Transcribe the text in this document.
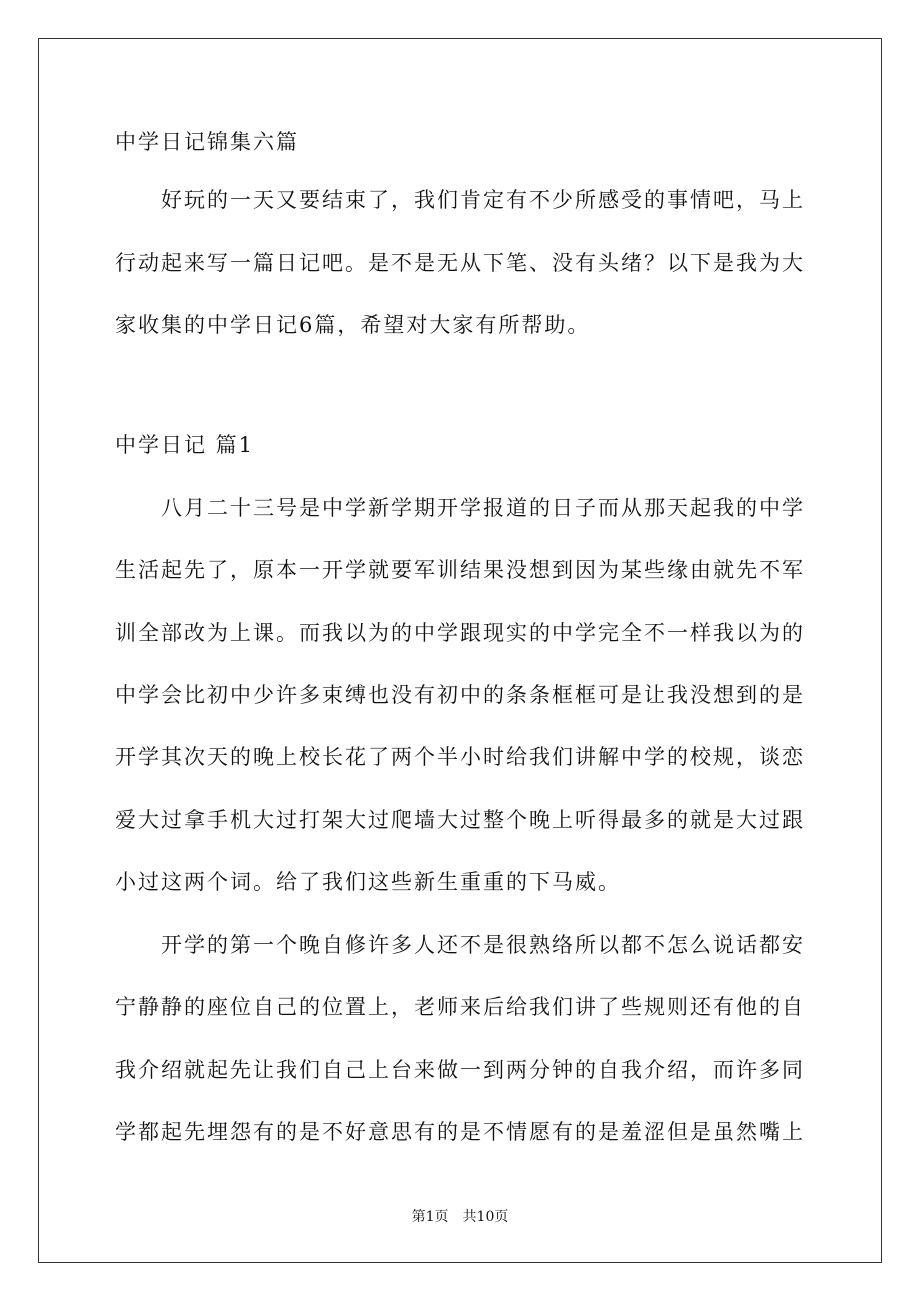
中学日记锦集六篇
好玩的一天又要结束了，我们肯定有不少所感受的事情吧，马上
行动起来写一篇日记吧。是不是无从下笔、没有头绪？以下是我为大
家收集的中学日记6篇，希望对大家有所帮助。
中学日记 篇1
八月二十三号是中学新学期开学报道的日子而从那天起我的中学
生活起先了，原本一开学就要军训结果没想到因为某些缘由就先不军
训全部改为上课。而我以为的中学跟现实的中学完全不一样我以为的
中学会比初中少许多束缚也没有初中的条条框框可是让我没想到的是
开学其次天的晚上校长花了两个半小时给我们讲解中学的校规，谈恋
爱大过拿手机大过打架大过爬墙大过整个晚上听得最多的就是大过跟
小过这两个词。给了我们这些新生重重的下马威。
开学的第一个晚自修许多人还不是很熟络所以都不怎么说话都安
宁静静的座位自己的位置上，老师来后给我们讲了些规则还有他的自
我介绍就起先让我们自己上台来做一到两分钟的自我介绍，而许多同
学都起先埋怨有的是不好意思有的是不情愿有的是羞涩但是虽然嘴上
第1页　共10页
